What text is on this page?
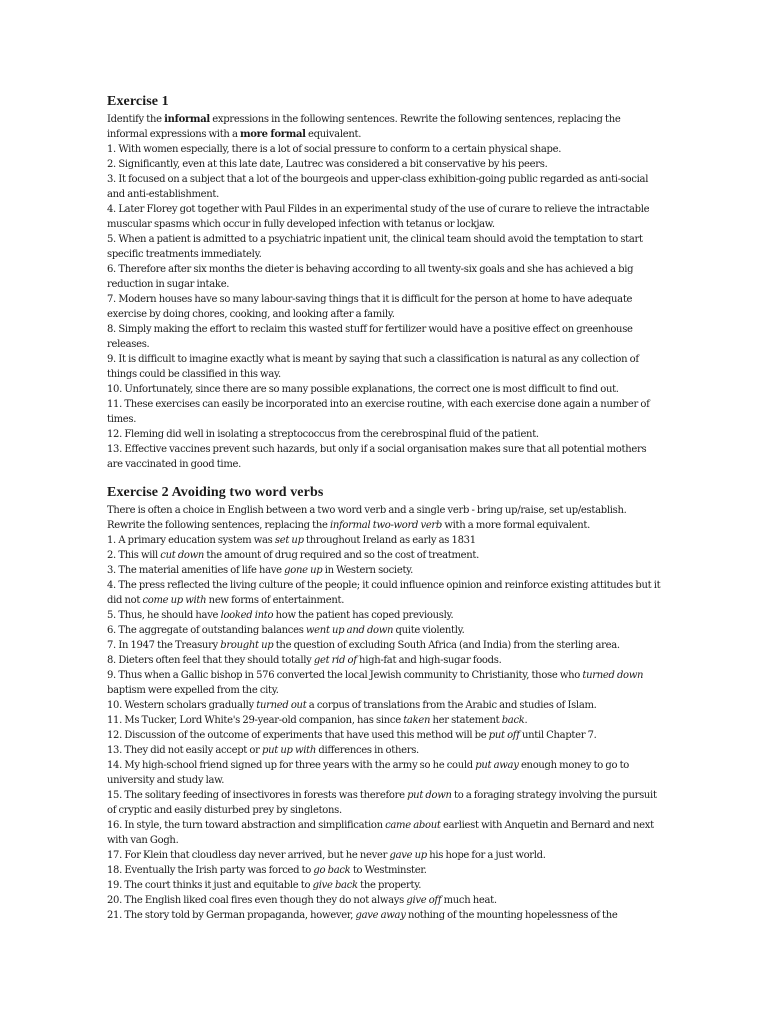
Exercise 1

Identify the informal expressions in the following sentences. Rewrite the following sentences, replacing the informal expressions with a more formal equivalent.

1. With women especially, there is a lot of social pressure to conform to a certain physical shape.

2. Significantly, even at this late date, Lautrec was considered a bit conservative by his peers.

3. It focused on a subject that a lot of the bourgeois and upper-class exhibition-going public regarded as anti-social and anti-establishment.

4. Later Florey got together with Paul Fildes in an experimental study of the use of curare to relieve the intractable muscular spasms which occur in fully developed infection with tetanus or lockjaw.

5. When a patient is admitted to a psychiatric inpatient unit, the clinical team should avoid the temptation to start specific treatments immediately.

6. Therefore after six months the dieter is behaving according to all twenty-six goals and she has achieved a big reduction in sugar intake.

7. Modern houses have so many labour-saving things that it is difficult for the person at home to have adequate exercise by doing chores, cooking, and looking after a family.

8. Simply making the effort to reclaim this wasted stuff for fertilizer would have a positive effect on greenhouse releases.

9. It is difficult to imagine exactly what is meant by saying that such a classification is natural as any collection of things could be classified in this way.

10. Unfortunately, since there are so many possible explanations, the correct one is most difficult to find out.

11. These exercises can easily be incorporated into an exercise routine, with each exercise done again a number of times.

12. Fleming did well in isolating a streptococcus from the cerebrospinal fluid of the patient.

13. Effective vaccines prevent such hazards, but only if a social organisation makes sure that all potential mothers are vaccinated in good time.

Exercise 2 Avoiding two word verbs

There is often a choice in English between a two word verb and a single verb - bring up/raise, set up/establish. Rewrite the following sentences, replacing the informal two-word verb with a more formal equivalent.

1. A primary education system was set up throughout Ireland as early as 1831

2. This will cut down the amount of drug required and so the cost of treatment.

3. The material amenities of life have gone up in Western society.

4. The press reflected the living culture of the people; it could influence opinion and reinforce existing attitudes but it did not come up with new forms of entertainment.

5. Thus, he should have looked into how the patient has coped previously.

6. The aggregate of outstanding balances went up and down quite violently.

7. In 1947 the Treasury brought up the question of excluding South Africa (and India) from the sterling area.

8. Dieters often feel that they should totally get rid of high-fat and high-sugar foods.

9. Thus when a Gallic bishop in 576 converted the local Jewish community to Christianity, those who turned down baptism were expelled from the city.

10. Western scholars gradually turned out a corpus of translations from the Arabic and studies of Islam.

11. Ms Tucker, Lord White's 29-year-old companion, has since taken her statement back.

12. Discussion of the outcome of experiments that have used this method will be put off until Chapter 7.

13. They did not easily accept or put up with differences in others.

14. My high-school friend signed up for three years with the army so he could put away enough money to go to university and study law.

15. The solitary feeding of insectivores in forests was therefore put down to a foraging strategy involving the pursuit of cryptic and easily disturbed prey by singletons.

16. In style, the turn toward abstraction and simplification came about earliest with Anquetin and Bernard and next with van Gogh.

17. For Klein that cloudless day never arrived, but he never gave up his hope for a just world.

18. Eventually the Irish party was forced to go back to Westminster.

19. The court thinks it just and equitable to give back the property.

20. The English liked coal fires even though they do not always give off much heat.

21. The story told by German propaganda, however, gave away nothing of the mounting hopelessness of the
